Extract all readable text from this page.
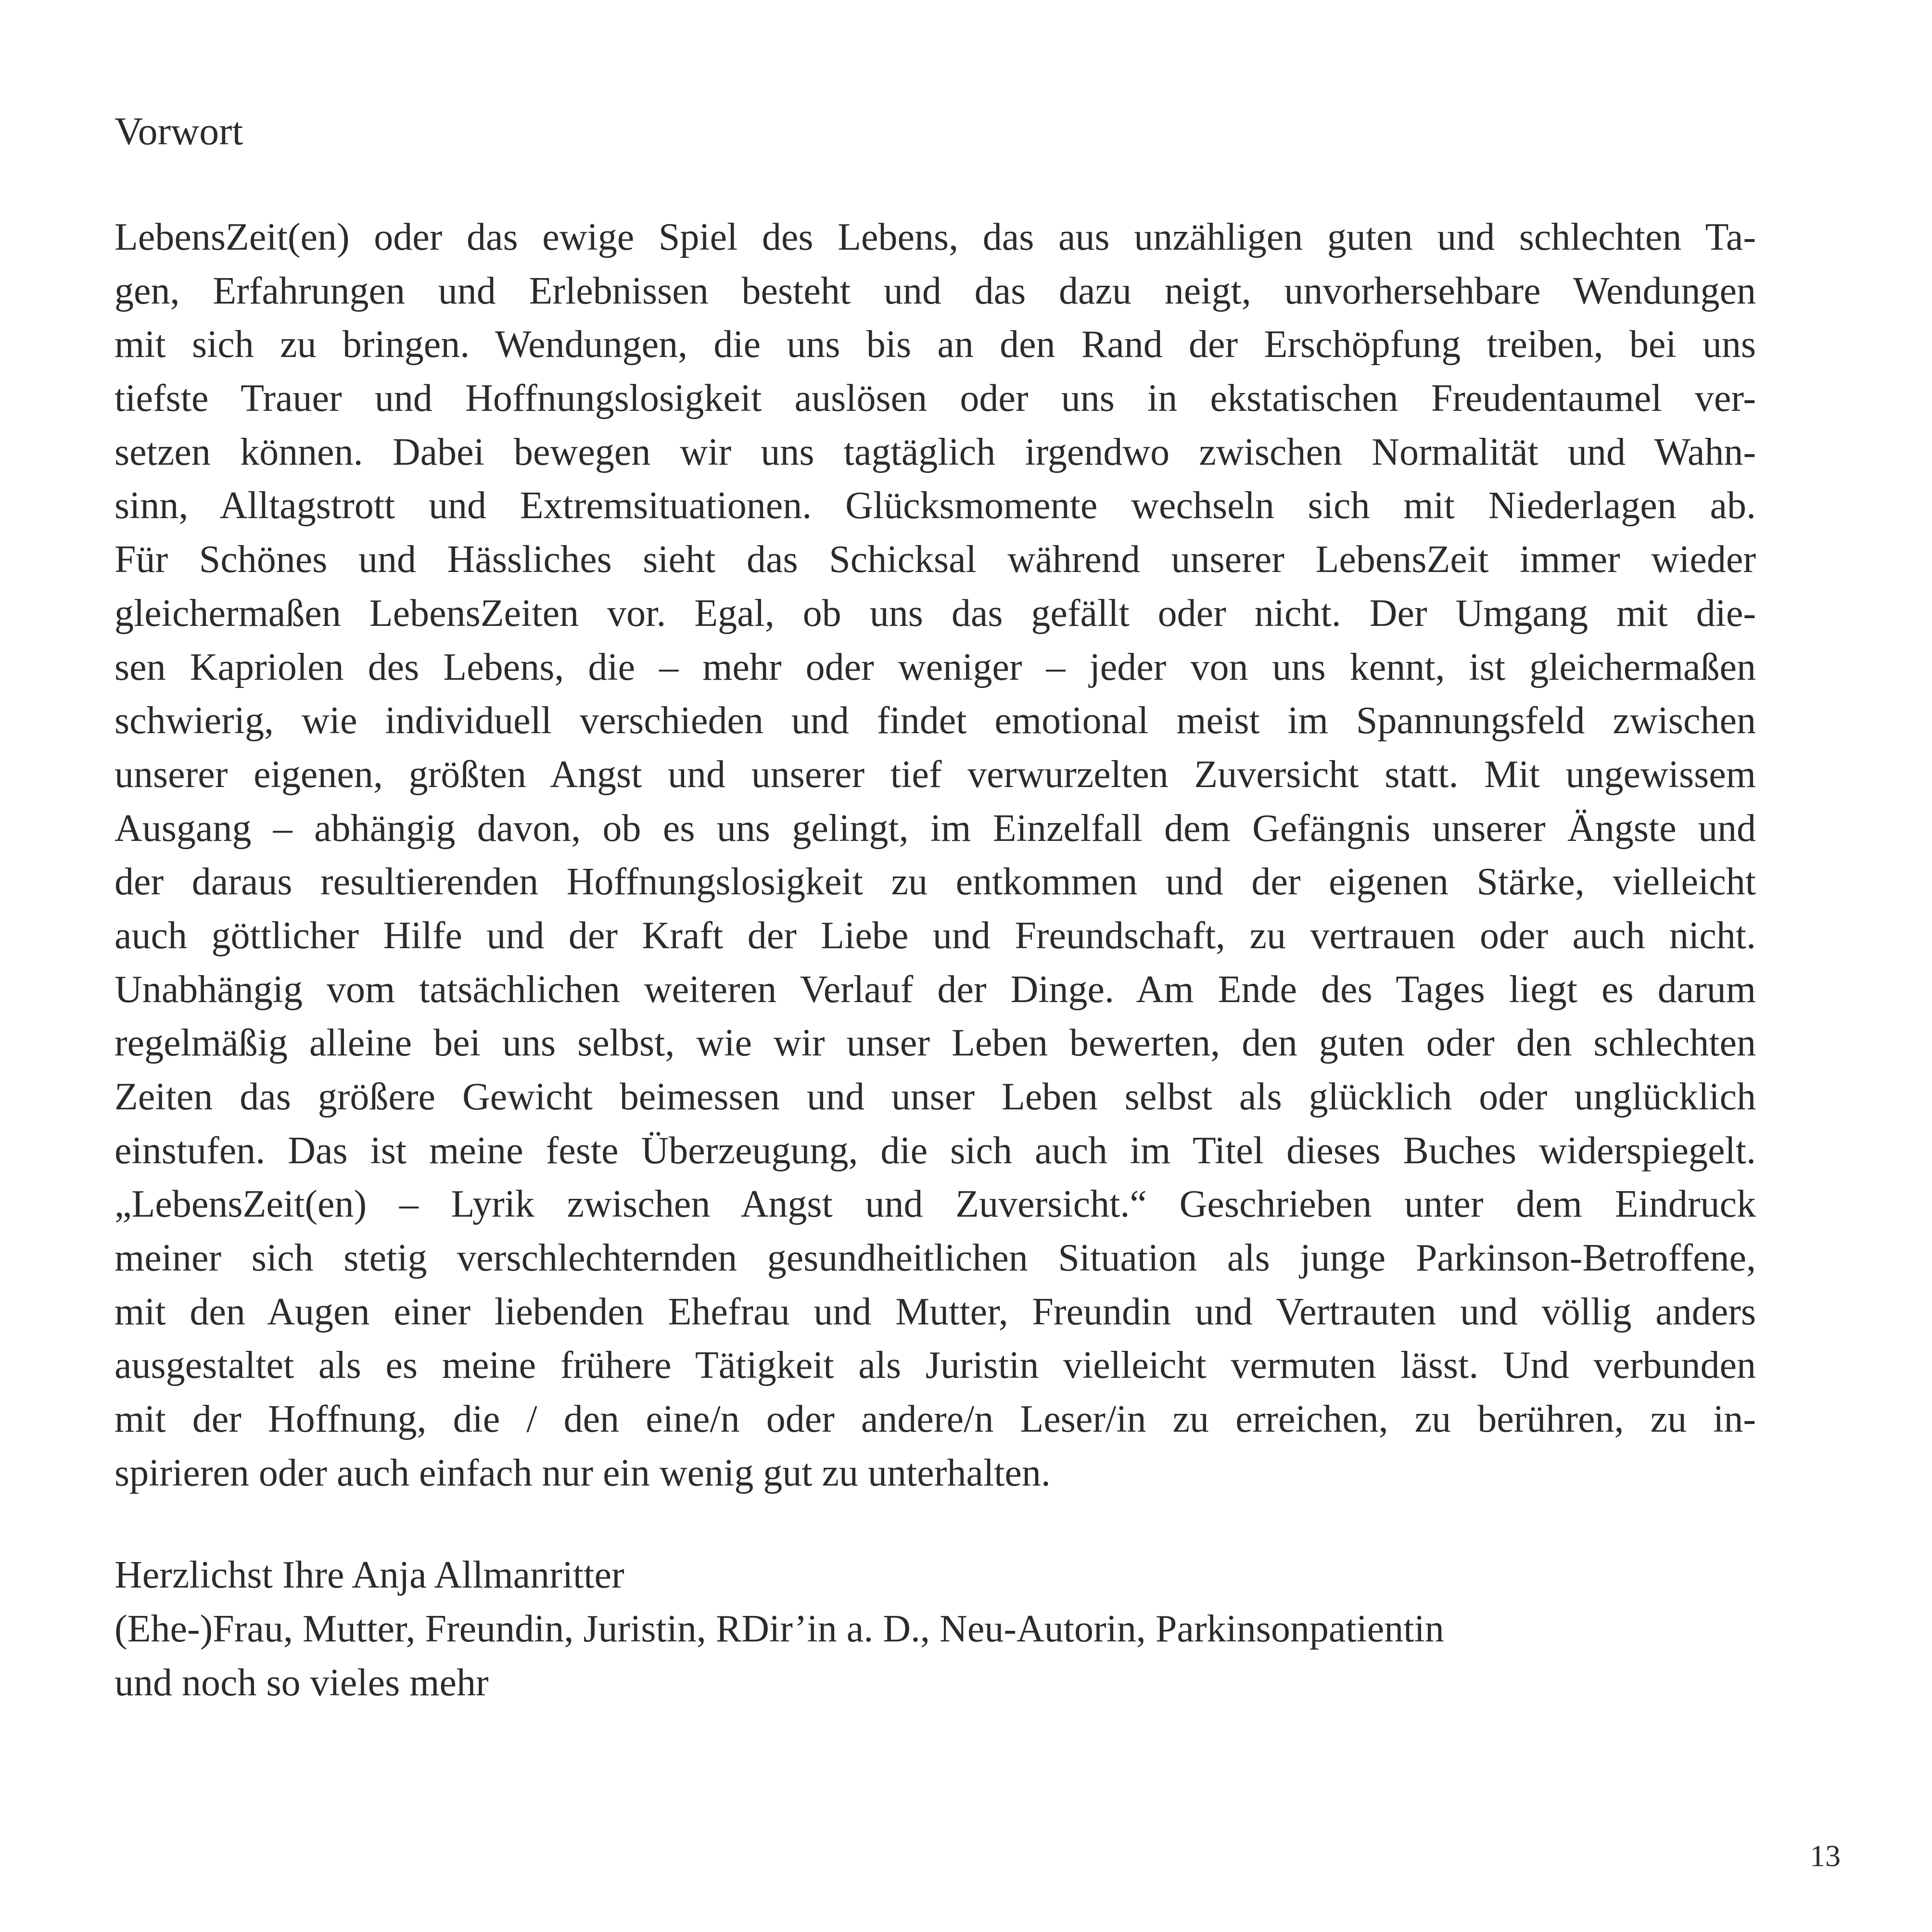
Vorwort
LebensZeit(en) oder das ewige Spiel des Lebens, das aus unzähligen guten und schlechten Ta-
gen, Erfahrungen und Erlebnissen besteht und das dazu neigt, unvorhersehbare Wendungen
mit sich zu bringen. Wendungen, die uns bis an den Rand der Erschöpfung treiben, bei uns
tiefste Trauer und Hoffnungslosigkeit auslösen oder uns in ekstatischen Freudentaumel ver-
setzen können. Dabei bewegen wir uns tagtäglich irgendwo zwischen Normalität und Wahn-
sinn, Alltagstrott und Extremsituationen. Glücksmomente wechseln sich mit Niederlagen ab.
Für Schönes und Hässliches sieht das Schicksal während unserer LebensZeit immer wieder
gleichermaßen LebensZeiten vor. Egal, ob uns das gefällt oder nicht. Der Umgang mit die-
sen Kapriolen des Lebens, die – mehr oder weniger – jeder von uns kennt, ist gleichermaßen
schwierig, wie individuell verschieden und findet emotional meist im Spannungsfeld zwischen
unserer eigenen, größten Angst und unserer tief verwurzelten Zuversicht statt. Mit ungewissem
Ausgang – abhängig davon, ob es uns gelingt, im Einzelfall dem Gefängnis unserer Ängste und
der daraus resultierenden Hoffnungslosigkeit zu entkommen und der eigenen Stärke, vielleicht
auch göttlicher Hilfe und der Kraft der Liebe und Freundschaft, zu vertrauen oder auch nicht.
Unabhängig vom tatsächlichen weiteren Verlauf der Dinge. Am Ende des Tages liegt es darum
regelmäßig alleine bei uns selbst, wie wir unser Leben bewerten, den guten oder den schlechten
Zeiten das größere Gewicht beimessen und unser Leben selbst als glücklich oder unglücklich
einstufen. Das ist meine feste Überzeugung, die sich auch im Titel dieses Buches widerspiegelt.
„LebensZeit(en) – Lyrik zwischen Angst und Zuversicht.“ Geschrieben unter dem Eindruck
meiner sich stetig verschlechternden gesundheitlichen Situation als junge Parkinson-Betroffene,
mit den Augen einer liebenden Ehefrau und Mutter, Freundin und Vertrauten und völlig anders
ausgestaltet als es meine frühere Tätigkeit als Juristin vielleicht vermuten lässt. Und verbunden
mit der Hoffnung, die / den eine/n oder andere/n Leser/in zu erreichen, zu berühren, zu in-
spirieren oder auch einfach nur ein wenig gut zu unterhalten.
Herzlichst Ihre Anja Allmanritter
(Ehe-)Frau, Mutter, Freundin, Juristin, RDir’in a. D., Neu-Autorin, Parkinsonpatientin
und noch so vieles mehr
13
